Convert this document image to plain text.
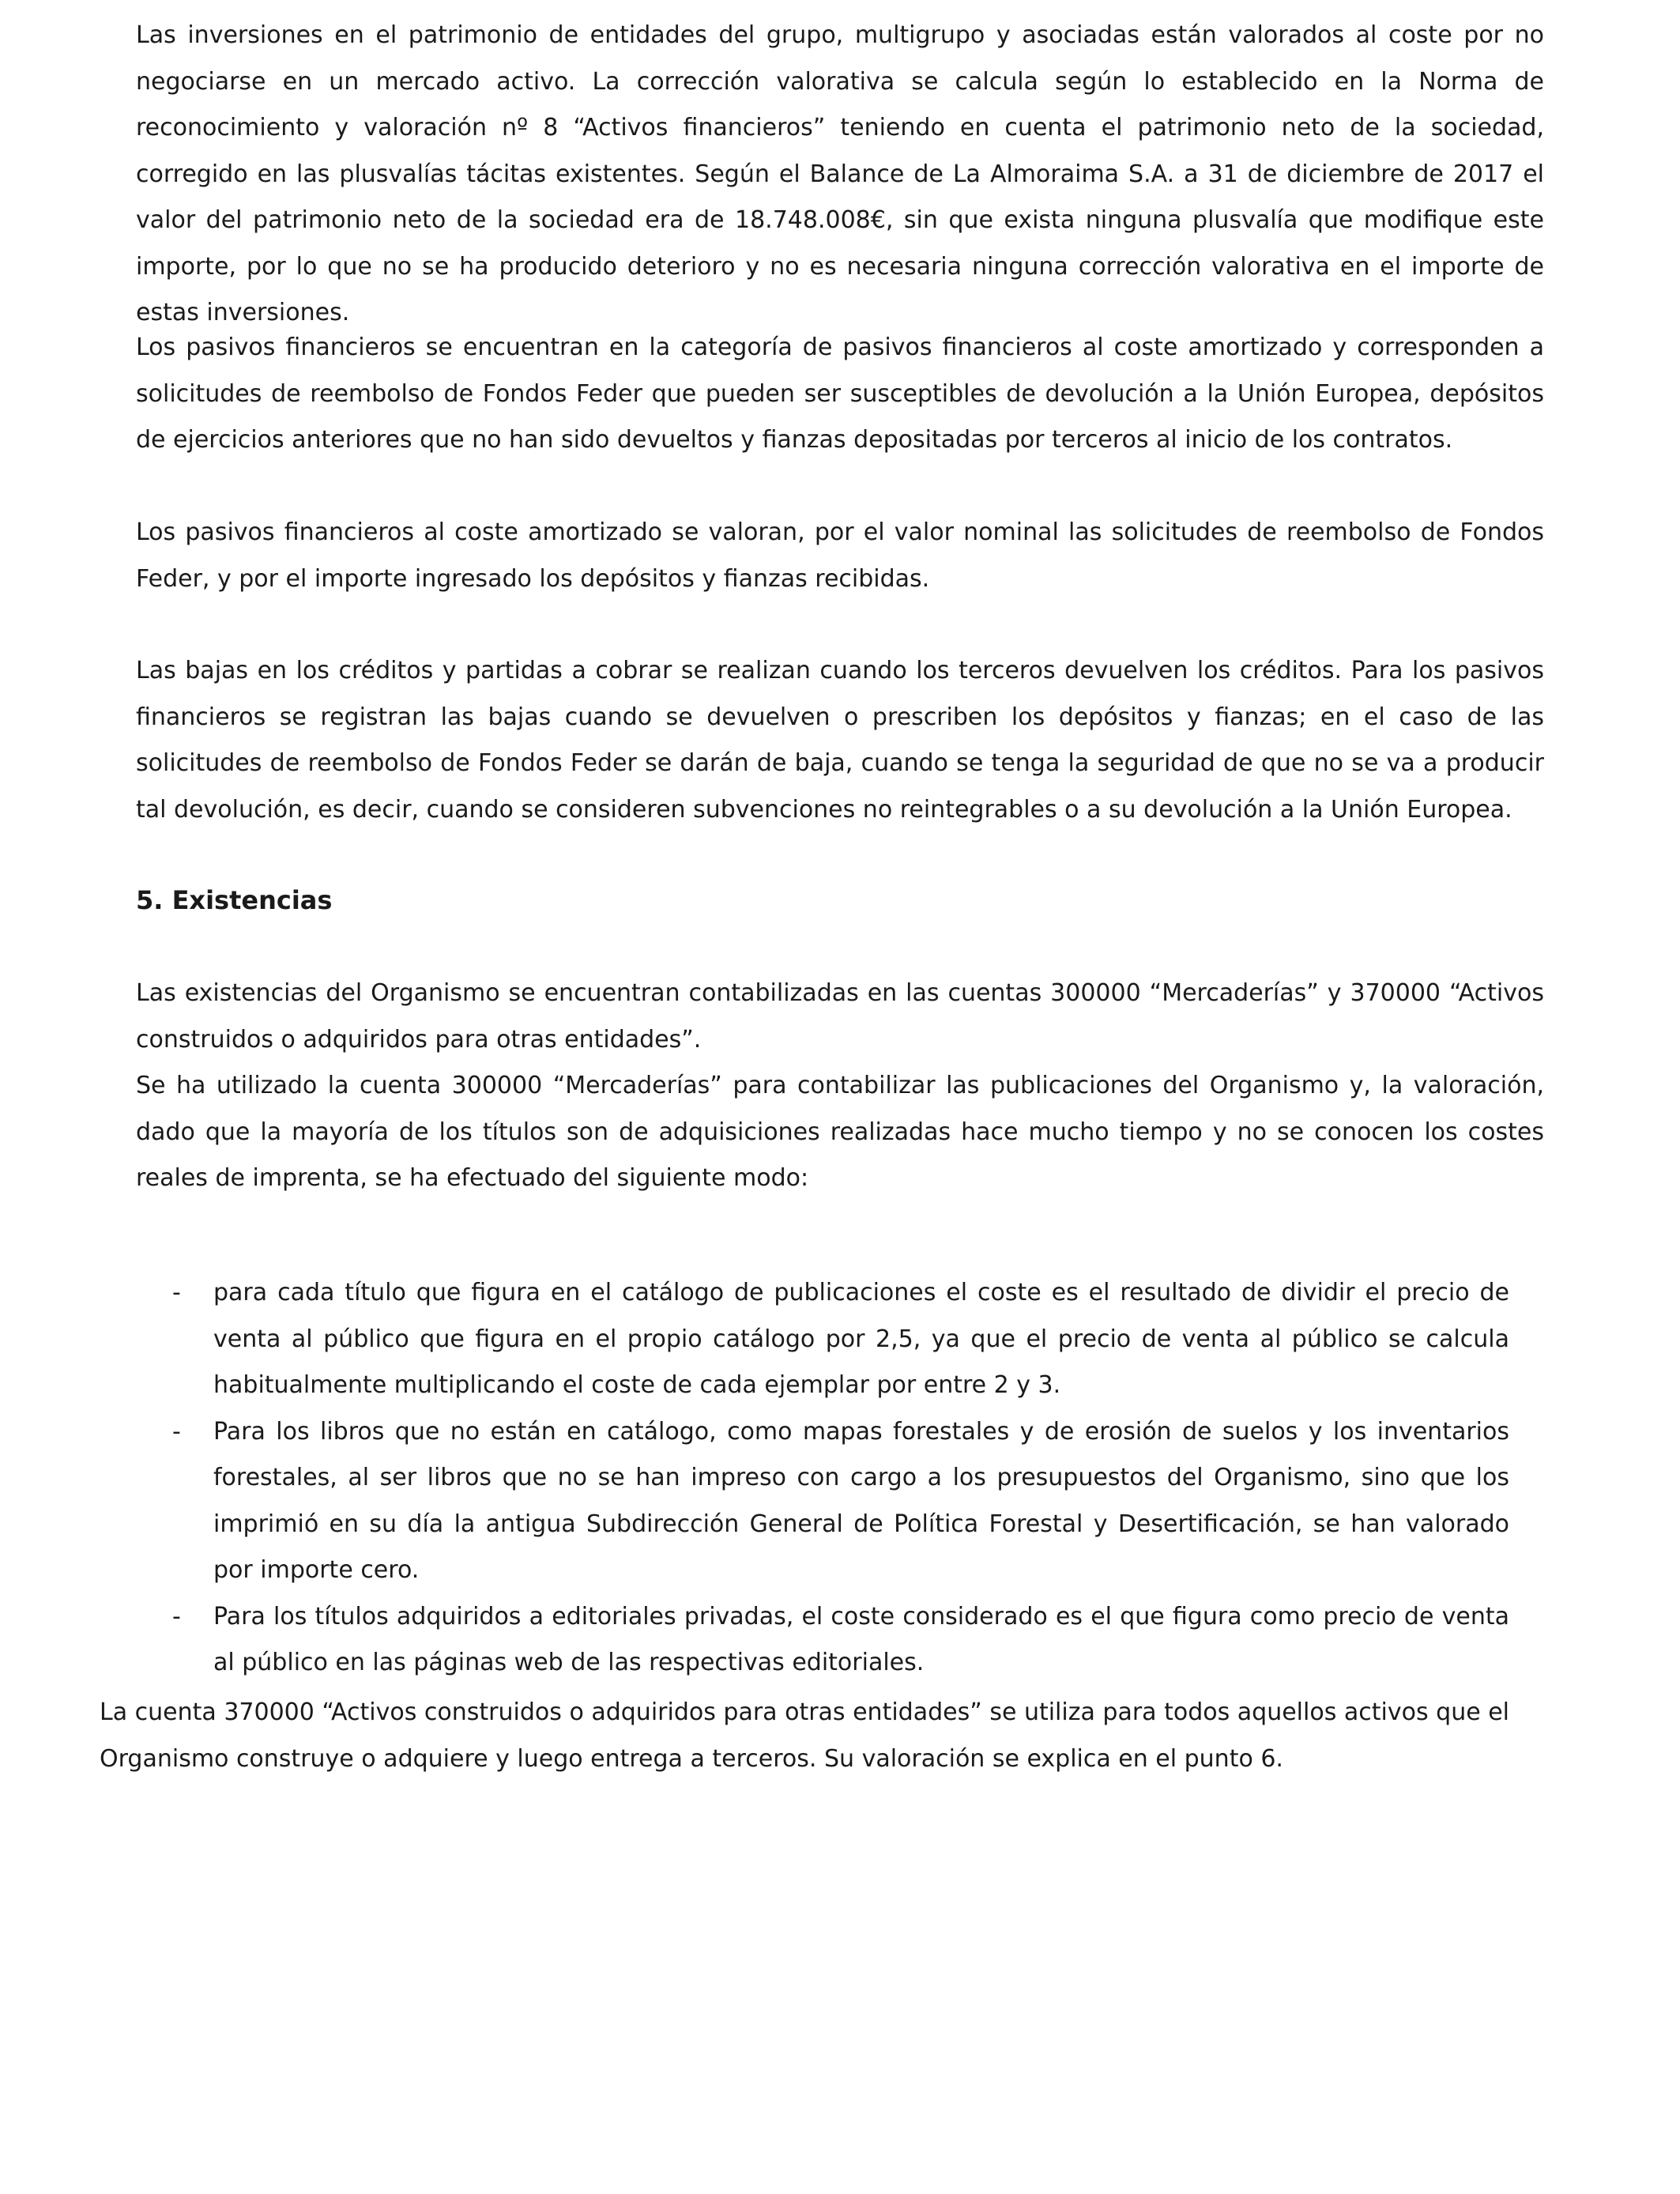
Las inversiones en el patrimonio de entidades del grupo, multigrupo y asociadas están valorados al coste por no negociarse en un mercado activo. La corrección valorativa se calcula según lo establecido en la Norma de reconocimiento y valoración nº 8 “Activos financieros” teniendo en cuenta el patrimonio neto de la sociedad, corregido en las plusvalías tácitas existentes. Según el Balance de La Almoraima S.A. a 31 de diciembre de 2017 el valor del patrimonio neto de la sociedad era de 18.748.008€, sin que exista ninguna plusvalía que modifique este importe, por lo que no se ha producido deterioro y no es necesaria ninguna corrección valorativa en el importe de estas inversiones.

Los pasivos financieros se encuentran en la categoría de pasivos financieros al coste amortizado y corresponden a solicitudes de reembolso de Fondos Feder que pueden ser susceptibles de devolución a la Unión Europea, depósitos de ejercicios anteriores que no han sido devueltos y fianzas depositadas por terceros al inicio de los contratos.

Los pasivos financieros al coste amortizado se valoran, por el valor nominal las solicitudes de reembolso de Fondos Feder, y por el importe ingresado los depósitos y fianzas recibidas.

Las bajas en los créditos y partidas a cobrar se realizan cuando los terceros devuelven los créditos. Para los pasivos financieros se registran las bajas cuando se devuelven o prescriben los depósitos y fianzas; en el caso de las solicitudes de reembolso de Fondos Feder se darán de baja, cuando se tenga la seguridad de que no se va a producir tal devolución, es decir, cuando se consideren subvenciones no reintegrables o a su devolución a la Unión Europea.

5. Existencias

Las existencias del Organismo se encuentran contabilizadas en las cuentas 300000 “Mercaderías” y 370000 “Activos construidos o adquiridos para otras entidades”.

Se ha utilizado la cuenta 300000 “Mercaderías” para contabilizar las publicaciones del Organismo y, la valoración, dado que la mayoría de los títulos son de adquisiciones realizadas hace mucho tiempo y no se conocen los costes reales de imprenta, se ha efectuado del siguiente modo:

- para cada título que figura en el catálogo de publicaciones el coste es el resultado de dividir el precio de venta al público que figura en el propio catálogo por 2,5, ya que el precio de venta al público se calcula habitualmente multiplicando el coste de cada ejemplar por entre 2 y 3.
- Para los libros que no están en catálogo, como mapas forestales y de erosión de suelos y los inventarios forestales, al ser libros que no se han impreso con cargo a los presupuestos del Organismo, sino que los imprimió en su día la antigua Subdirección General de Política Forestal y Desertificación, se han valorado por importe cero.
- Para los títulos adquiridos a editoriales privadas, el coste considerado es el que figura como precio de venta al público en las páginas web de las respectivas editoriales.

La cuenta 370000 “Activos construidos o adquiridos para otras entidades” se utiliza para todos aquellos activos que el Organismo construye o adquiere y luego entrega a terceros. Su valoración se explica en el punto 6.
